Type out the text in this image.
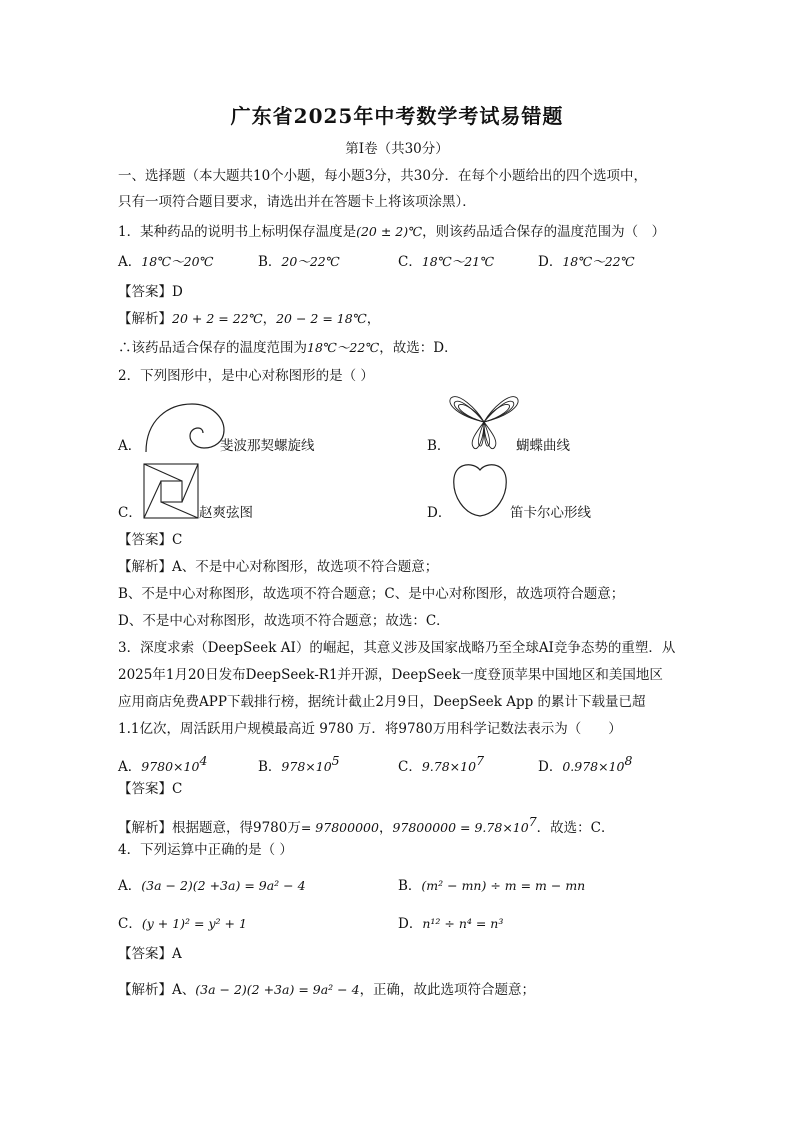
广东省2025年中考数学考试易错题
第Ⅰ卷（共30分）
一、选择题（本大题共10个小题，每小题3分，共30分．在每个小题给出的四个选项中，
只有一项符合题目要求，请选出并在答题卡上将该项涂黑）．
1．某种药品的说明书上标明保存温度是(20 ± 2)℃，则该药品适合保存的温度范围为（　）
A．18℃～20℃	B．20～22℃	C．18℃～21℃	D．18℃～22℃
【答案】D
【解析】20 + 2 = 22℃，20 − 2 = 18℃，
∴该药品适合保存的温度范围为18℃～22℃，故选：D．
2．下列图形中，是中心对称图形的是（ ）
A．	斐波那契螺旋线	B．	蝴蝶曲线
C．	赵爽弦图	D．	笛卡尔心形线
【答案】C
【解析】A、不是中心对称图形，故选项不符合题意；
B、不是中心对称图形，故选项不符合题意；C、是中心对称图形，故选项符合题意；
D、不是中心对称图形，故选项不符合题意；故选：C．
3．深度求索（DeepSeek AI）的崛起，其意义涉及国家战略乃至全球AI竞争态势的重塑．从
2025年1月20日发布DeepSeek-R1并开源，DeepSeek一度登顶苹果中国地区和美国地区
应用商店免费APP下载排行榜，据统计截止2月9日，DeepSeek App 的累计下载量已超
1.1亿次，周活跃用户规模最高近 9780 万．将9780万用科学记数法表示为（　　）
A．$9780\times 10^4$	B．$978\times 10^5$	C．$9.78\times 10^7$	D．$0.978\times 10^8$
【答案】C
【解析】根据题意，得9780万= 97800000，$97800000 = 9.78\times 10^7$．故选：C．
4．下列运算中正确的是（ ）
A．(3a − 2)(2 +3a) = 9a² − 4	B．(m² − mn) ÷ m = m − mn
C．(y + 1)² = y² + 1	D．n¹² ÷ n⁴ = n³
【答案】A
【解析】A、(3a − 2)(2 +3a) = 9a² − 4，正确，故此选项符合题意；
